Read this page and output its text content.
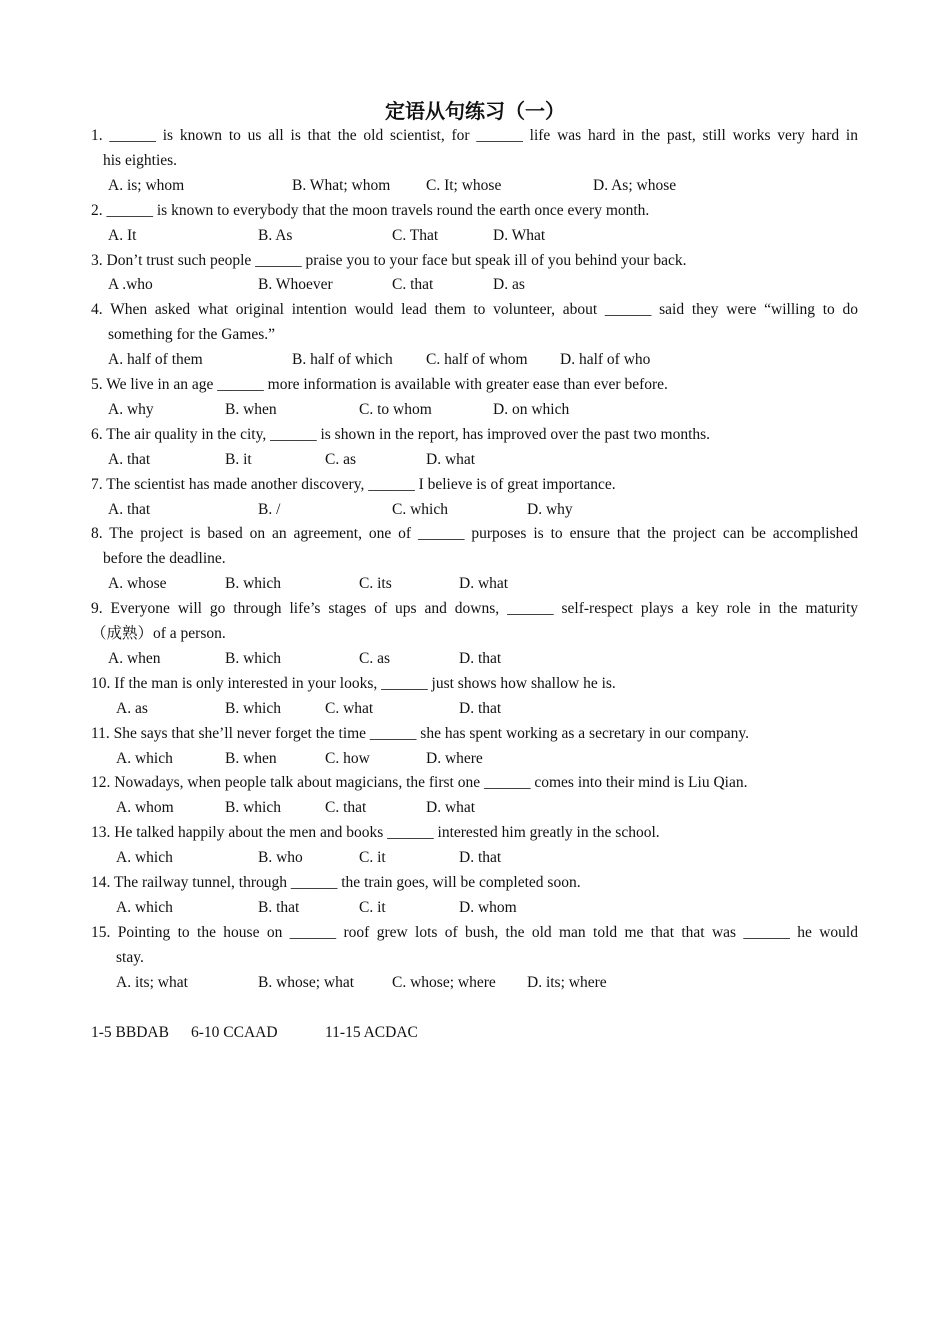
定语从句练习（一）
1. ______ is known to us all is that the old scientist, for ______ life was hard in the past, still works very hard in
his eighties.
A. is; whom	B. What; whom C. It; whose	D. As; whose
2. ______ is known to everybody that the moon travels round the earth once every month.
A. It	B. As	C. That	D. What
3. Don’t trust such people ______ praise you to your face but speak ill of you behind your back.
A .who	B. Whoever	C. that	D. as
4. When asked what original intention would lead them to volunteer, about ______ said they were “willing to do
something for the Games.”
A. half of them	B. half of which C. half of whom D. half of who
5. We live in an age ______ more information is available with greater ease than ever before.
A. why	B. when	C. to whom	D. on which
6. The air quality in the city, ______ is shown in the report, has improved over the past two months.
A. that	B. it	C. as	D. what
7. The scientist has made another discovery, ______ I believe is of great importance.
A. that	B. /	C. which	D. why
8. The project is based on an agreement, one of ______ purposes is to ensure that the project can be accomplished
before the deadline.
A. whose	B. which	C. its	D. what
9. Everyone will go through life’s stages of ups and downs, ______ self-respect plays a key role in the maturity
（成熟）of a person.
A. when	B. which	C. as	D. that
10. If the man is only interested in your looks, ______ just shows how shallow he is.
A. as	B. which	C. what	D. that
11. She says that she’ll never forget the time ______ she has spent working as a secretary in our company.
A. which	B. when	C. how	D. where
12. Nowadays, when people talk about magicians, the first one ______ comes into their mind is Liu Qian.
A. whom	B. which	C. that	D. what
13. He talked happily about the men and books ______ interested him greatly in the school.
A. which	B. who	C. it	D. that
14. The railway tunnel, through ______ the train goes, will be completed soon.
A. which	B. that	C. it	D. whom
15. Pointing to the house on ______ roof grew lots of bush, the old man told me that that was ______ he would
stay.
A. its; what	B. whose; what C. whose; where D. its; where
1-5 BBDAB 6-10 CCAAD	11-15 ACDAC
